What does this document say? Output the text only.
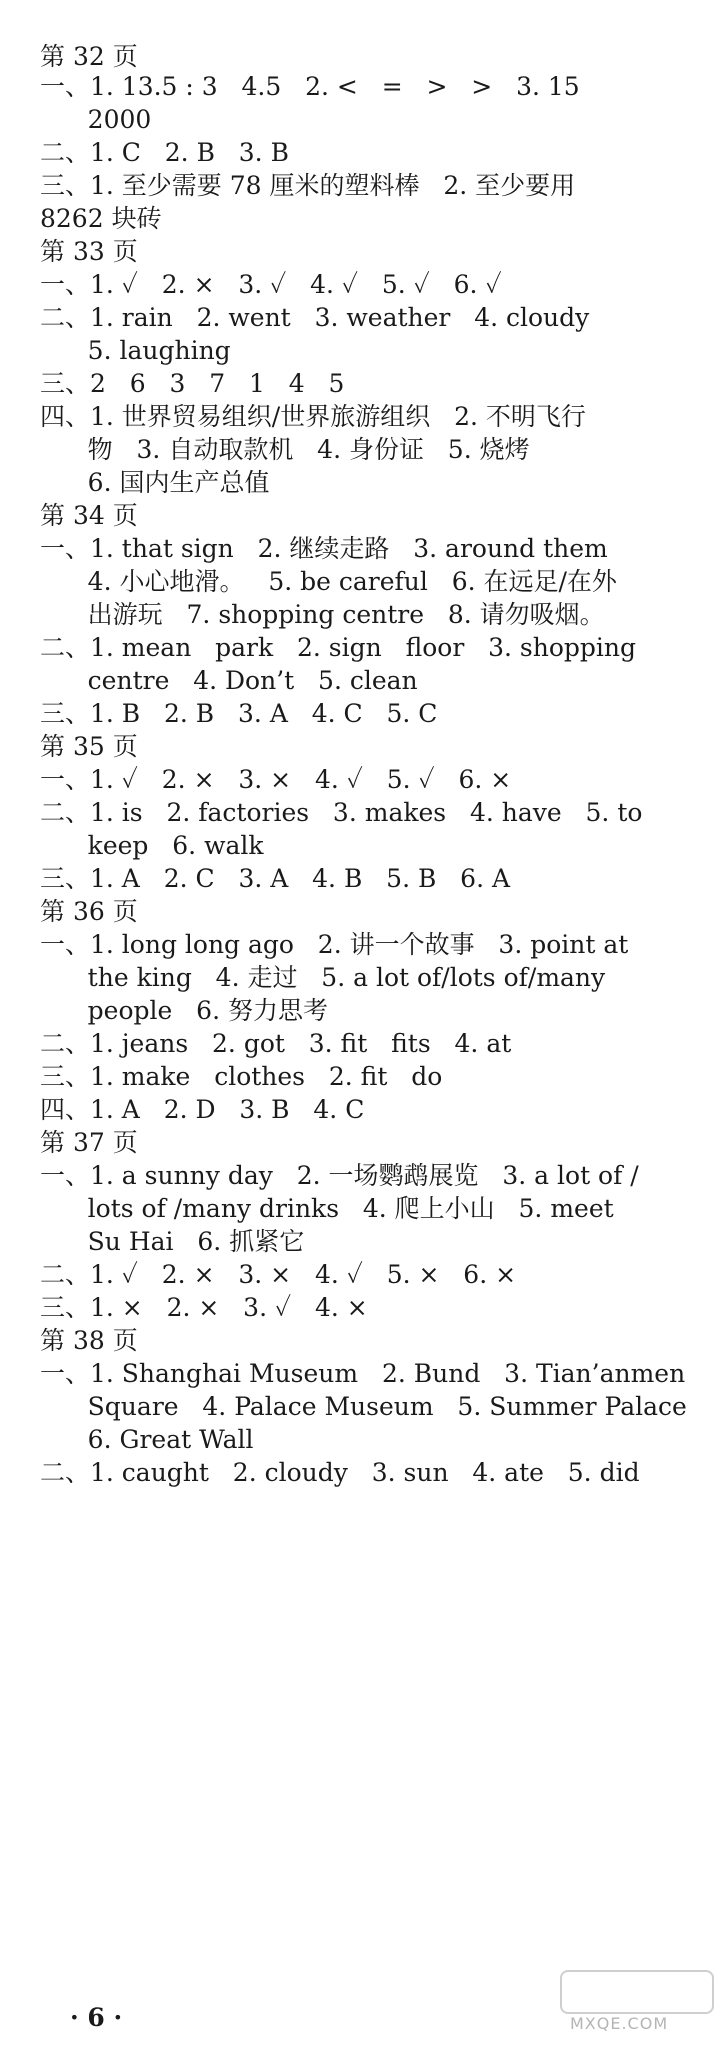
第 32 页
一、1. 13.5 : 3   4.5   2. <   =   >   >   3. 15
2000
二、1. C   2. B   3. B
三、1. 至少需要 78 厘米的塑料棒   2. 至少要用
8262 块砖
第 33 页
一、1. ✓   2. ×   3. ✓   4. ✓   5. ✓   6. ✓
二、1. rain   2. went   3. weather   4. cloudy
5. laughing
三、2   6   3   7   1   4   5
四、1. 世界贸易组织/世界旅游组织   2. 不明飞行
物   3. 自动取款机   4. 身份证   5. 烧烤
6. 国内生产总值
第 34 页
一、1. that sign   2. 继续走路   3. around them
4. 小心地滑。   5. be careful   6. 在远足/在外
出游玩   7. shopping centre   8. 请勿吸烟。
二、1. mean   park   2. sign   floor   3. shopping
centre   4. Don’t   5. clean
三、1. B   2. B   3. A   4. C   5. C
第 35 页
一、1. ✓   2. ×   3. ×   4. ✓   5. ✓   6. ×
二、1. is   2. factories   3. makes   4. have   5. to
keep   6. walk
三、1. A   2. C   3. A   4. B   5. B   6. A
第 36 页
一、1. long long ago   2. 讲一个故事   3. point at
the king   4. 走过   5. a lot of/lots of/many
people   6. 努力思考
二、1. jeans   2. got   3. fit   fits   4. at
三、1. make   clothes   2. fit   do
四、1. A   2. D   3. B   4. C
第 37 页
一、1. a sunny day   2. 一场鹦鹉展览   3. a lot of /
lots of /many drinks   4. 爬上小山   5. meet
Su Hai   6. 抓紧它
二、1. ✓   2. ×   3. ×   4. ✓   5. ×   6. ×
三、1. ×   2. ×   3. ✓   4. ×
第 38 页
一、1. Shanghai Museum   2. Bund   3. Tian’anmen
Square   4. Palace Museum   5. Summer Palace
6. Great Wall
二、1. caught   2. cloudy   3. sun   4. ate   5. did
· 6 ·	MXQE.COM
